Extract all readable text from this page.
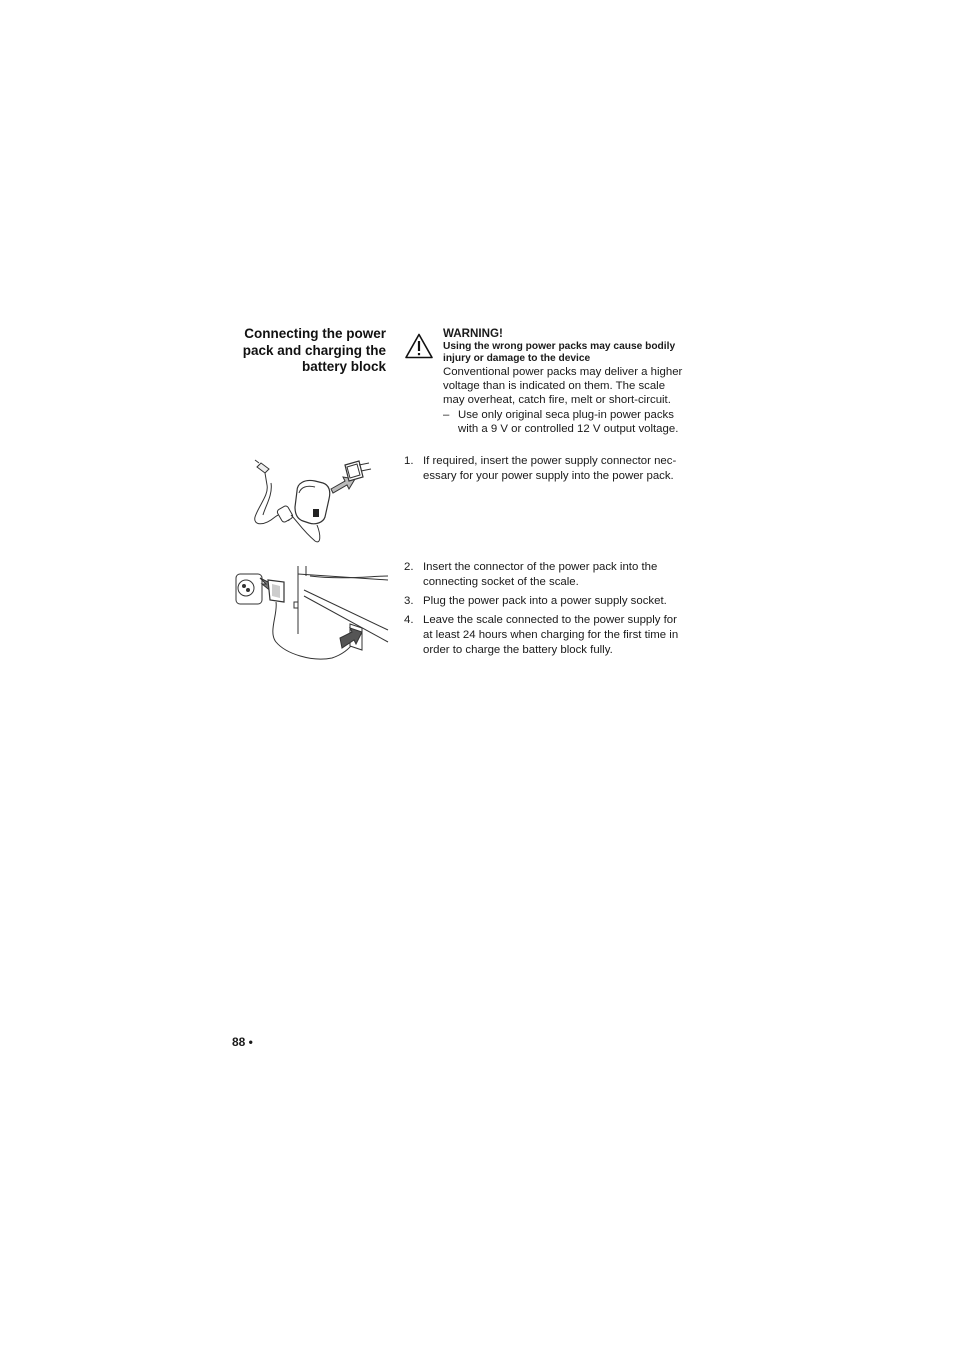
Connecting the power
pack and charging the
battery block
WARNING!
Using the wrong power packs may cause bodily
injury or damage to the device
Conventional power packs may deliver a higher
voltage than is indicated on them. The scale
may overheat, catch fire, melt or short-circuit.
– Use only original seca plug-in power packs
with a 9 V or controlled 12 V output voltage.
1. If required, insert the power supply connector nec-
essary for your power supply into the power pack.
2. Insert the connector of the power pack into the
connecting socket of the scale.
3. Plug the power pack into a power supply socket.
4. Leave the scale connected to the power supply for
at least 24 hours when charging for the first time in
order to charge the battery block fully.
88 •
